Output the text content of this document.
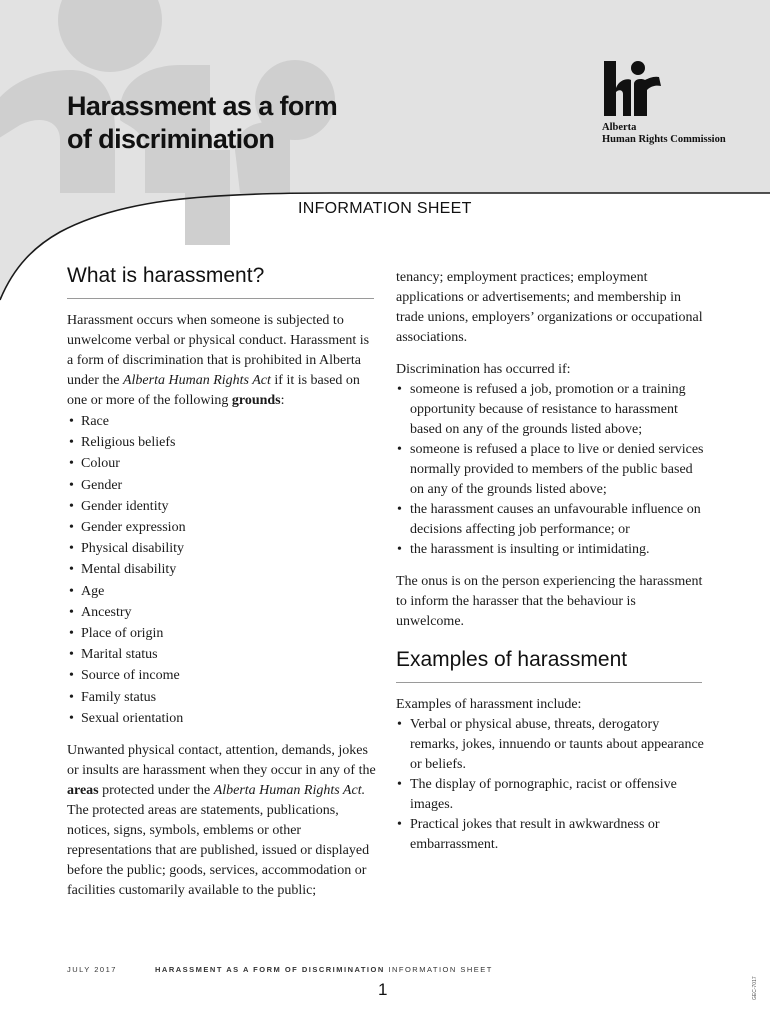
Harassment as a form
of discrimination	Alberta
Human Rights Commission
INFORMATION SHEET
What is harassment?

Harassment occurs when someone is subjected to unwelcome verbal or physical conduct. Harassment is a form of discrimination that is prohibited in Alberta under the Alberta Human Rights Act if it is based on one or more of the following grounds:

• Race
• Religious beliefs
• Colour
• Gender
• Gender identity
• Gender expression
• Physical disability
• Mental disability
• Age
• Ancestry
• Place of origin
• Marital status
• Source of income
• Family status
• Sexual orientation

Unwanted physical contact, attention, demands, jokes or insults are harassment when they occur in any of the areas protected under the Alberta Human Rights Act. The protected areas are statements, publications, notices, signs, symbols, emblems or other representations that are published, issued or displayed before the public; goods, services, accommodation or facilities customarily available to the public;

tenancy; employment practices; employment applications or advertisements; and membership in trade unions, employers’ organizations or occupational associations.

Discrimination has occurred if:

• someone is refused a job, promotion or a training opportunity because of resistance to harassment based on any of the grounds listed above;
• someone is refused a place to live or denied services normally provided to members of the public based on any of the grounds listed above;
• the harassment causes an unfavourable influence on decisions affecting job performance; or
• the harassment is insulting or intimidating.

The onus is on the person experiencing the harassment to inform the harasser that the behaviour is unwelcome.

Examples of harassment

Examples of harassment include:

• Verbal or physical abuse, threats, derogatory remarks, jokes, innuendo or taunts about appearance or beliefs.
• The display of pornographic, racist or offensive images.
• Practical jokes that result in awkwardness or embarrassment.
JULY 2017	HARASSMENT AS A FORM OF DISCRIMINATION INFORMATION SHEET
1	GEC-7017
